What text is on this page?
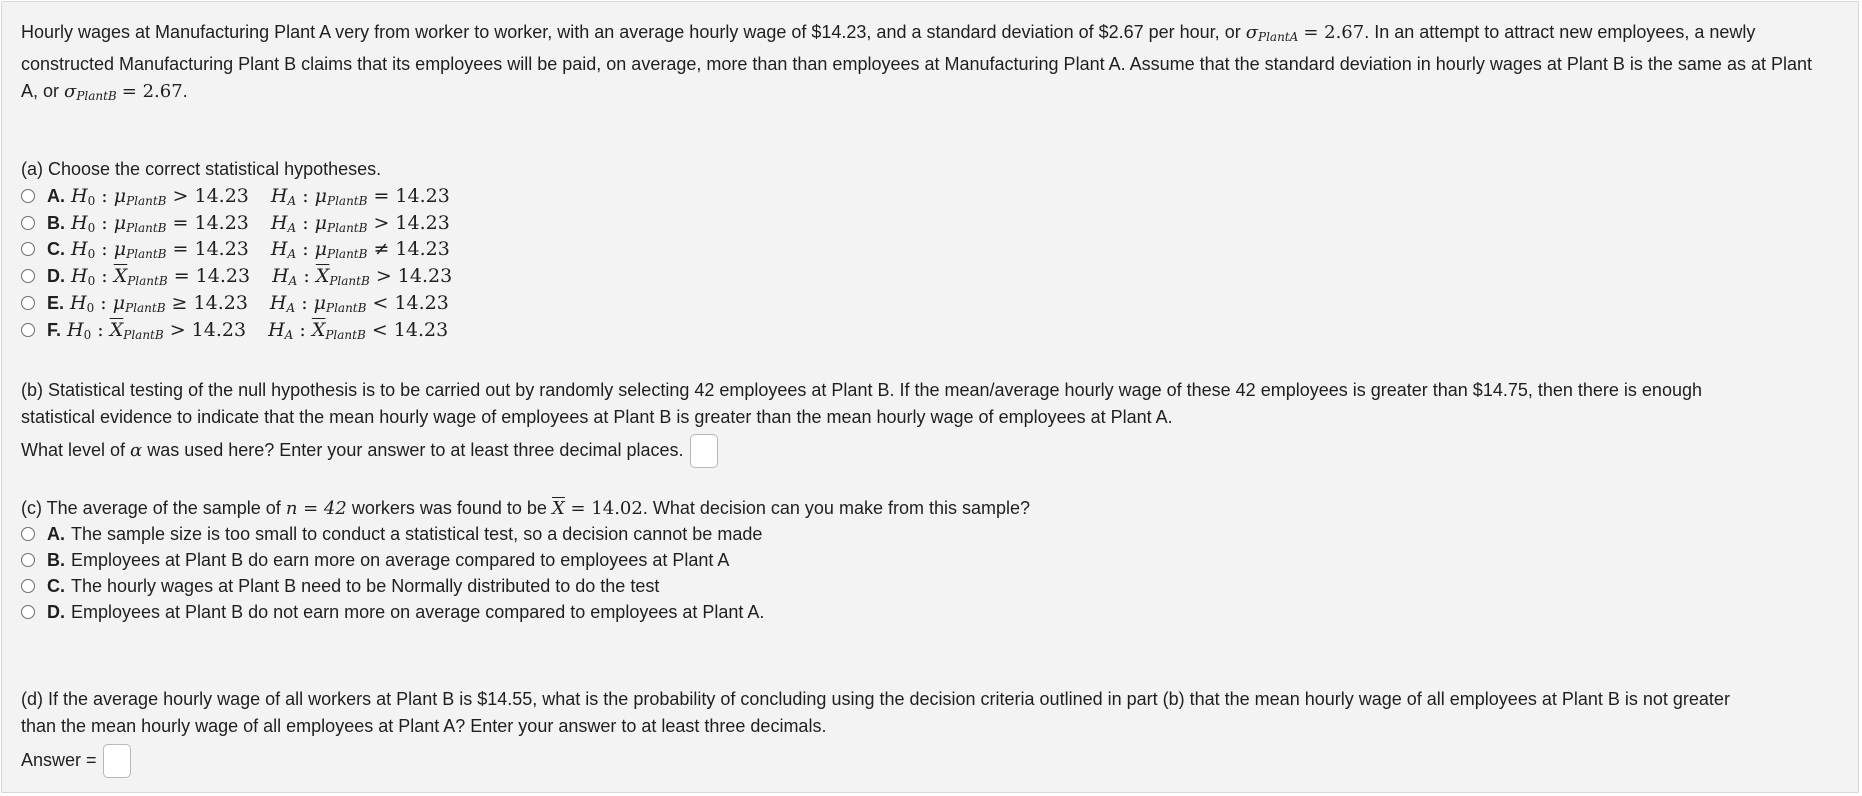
Hourly wages at Manufacturing Plant A very from worker to worker, with an average hourly wage of $14.23, and a standard deviation of $2.67 per hour, or $\sigma_{PlantA} = 2.67$. In an attempt to attract new employees, a newly constructed Manufacturing Plant B claims that its employees will be paid, on average, more than than employees at Manufacturing Plant A. Assume that the standard deviation in hourly wages at Plant B is the same as at Plant A, or $\sigma_{PlantB} = 2.67$.
(a) Choose the correct statistical hypotheses.
A. $H_0$ : $\mu_{PlantB} > 14.23$ $H_A$ : $\mu_{PlantB} = 14.23$
B. $H_0$ : $\mu_{PlantB} = 14.23$ $H_A$ : $\mu_{PlantB} > 14.23$
C. $H_0$ : $\mu_{PlantB} = 14.23$ $H_A$ : $\mu_{PlantB} \ne 14.23$
D. $H_0$ : $\overline{X}_{PlantB} = 14.23$ $H_A$ : $\overline{X}_{PlantB} > 14.23$
E. $H_0$ : $\mu_{PlantB} \ge 14.23$ $H_A$ : $\mu_{PlantB} < 14.23$
F. $H_0$ : $\overline{X}_{PlantB} > 14.23$ $H_A$ : $\overline{X}_{PlantB} < 14.23$
(b) Statistical testing of the null hypothesis is to be carried out by randomly selecting 42 employees at Plant B. If the mean/average hourly wage of these 42 employees is greater than $14.75, then there is enough
statistical evidence to indicate that the mean hourly wage of employees at Plant B is greater than the mean hourly wage of employees at Plant A.
What level of α was used here? Enter your answer to at least three decimal places.
(c) The average of the sample of n = 42 workers was found to be $\overline{X} = 14.02$. What decision can you make from this sample?
A. The sample size is too small to conduct a statistical test, so a decision cannot be made
B. Employees at Plant B do earn more on average compared to employees at Plant A
C. The hourly wages at Plant B need to be Normally distributed to do the test
D. Employees at Plant B do not earn more on average compared to employees at Plant A.
(d) If the average hourly wage of all workers at Plant B is $14.55, what is the probability of concluding using the decision criteria outlined in part (b) that the mean hourly wage of all employees at Plant B is not greater
than the mean hourly wage of all employees at Plant A? Enter your answer to at least three decimals.
Answer =
